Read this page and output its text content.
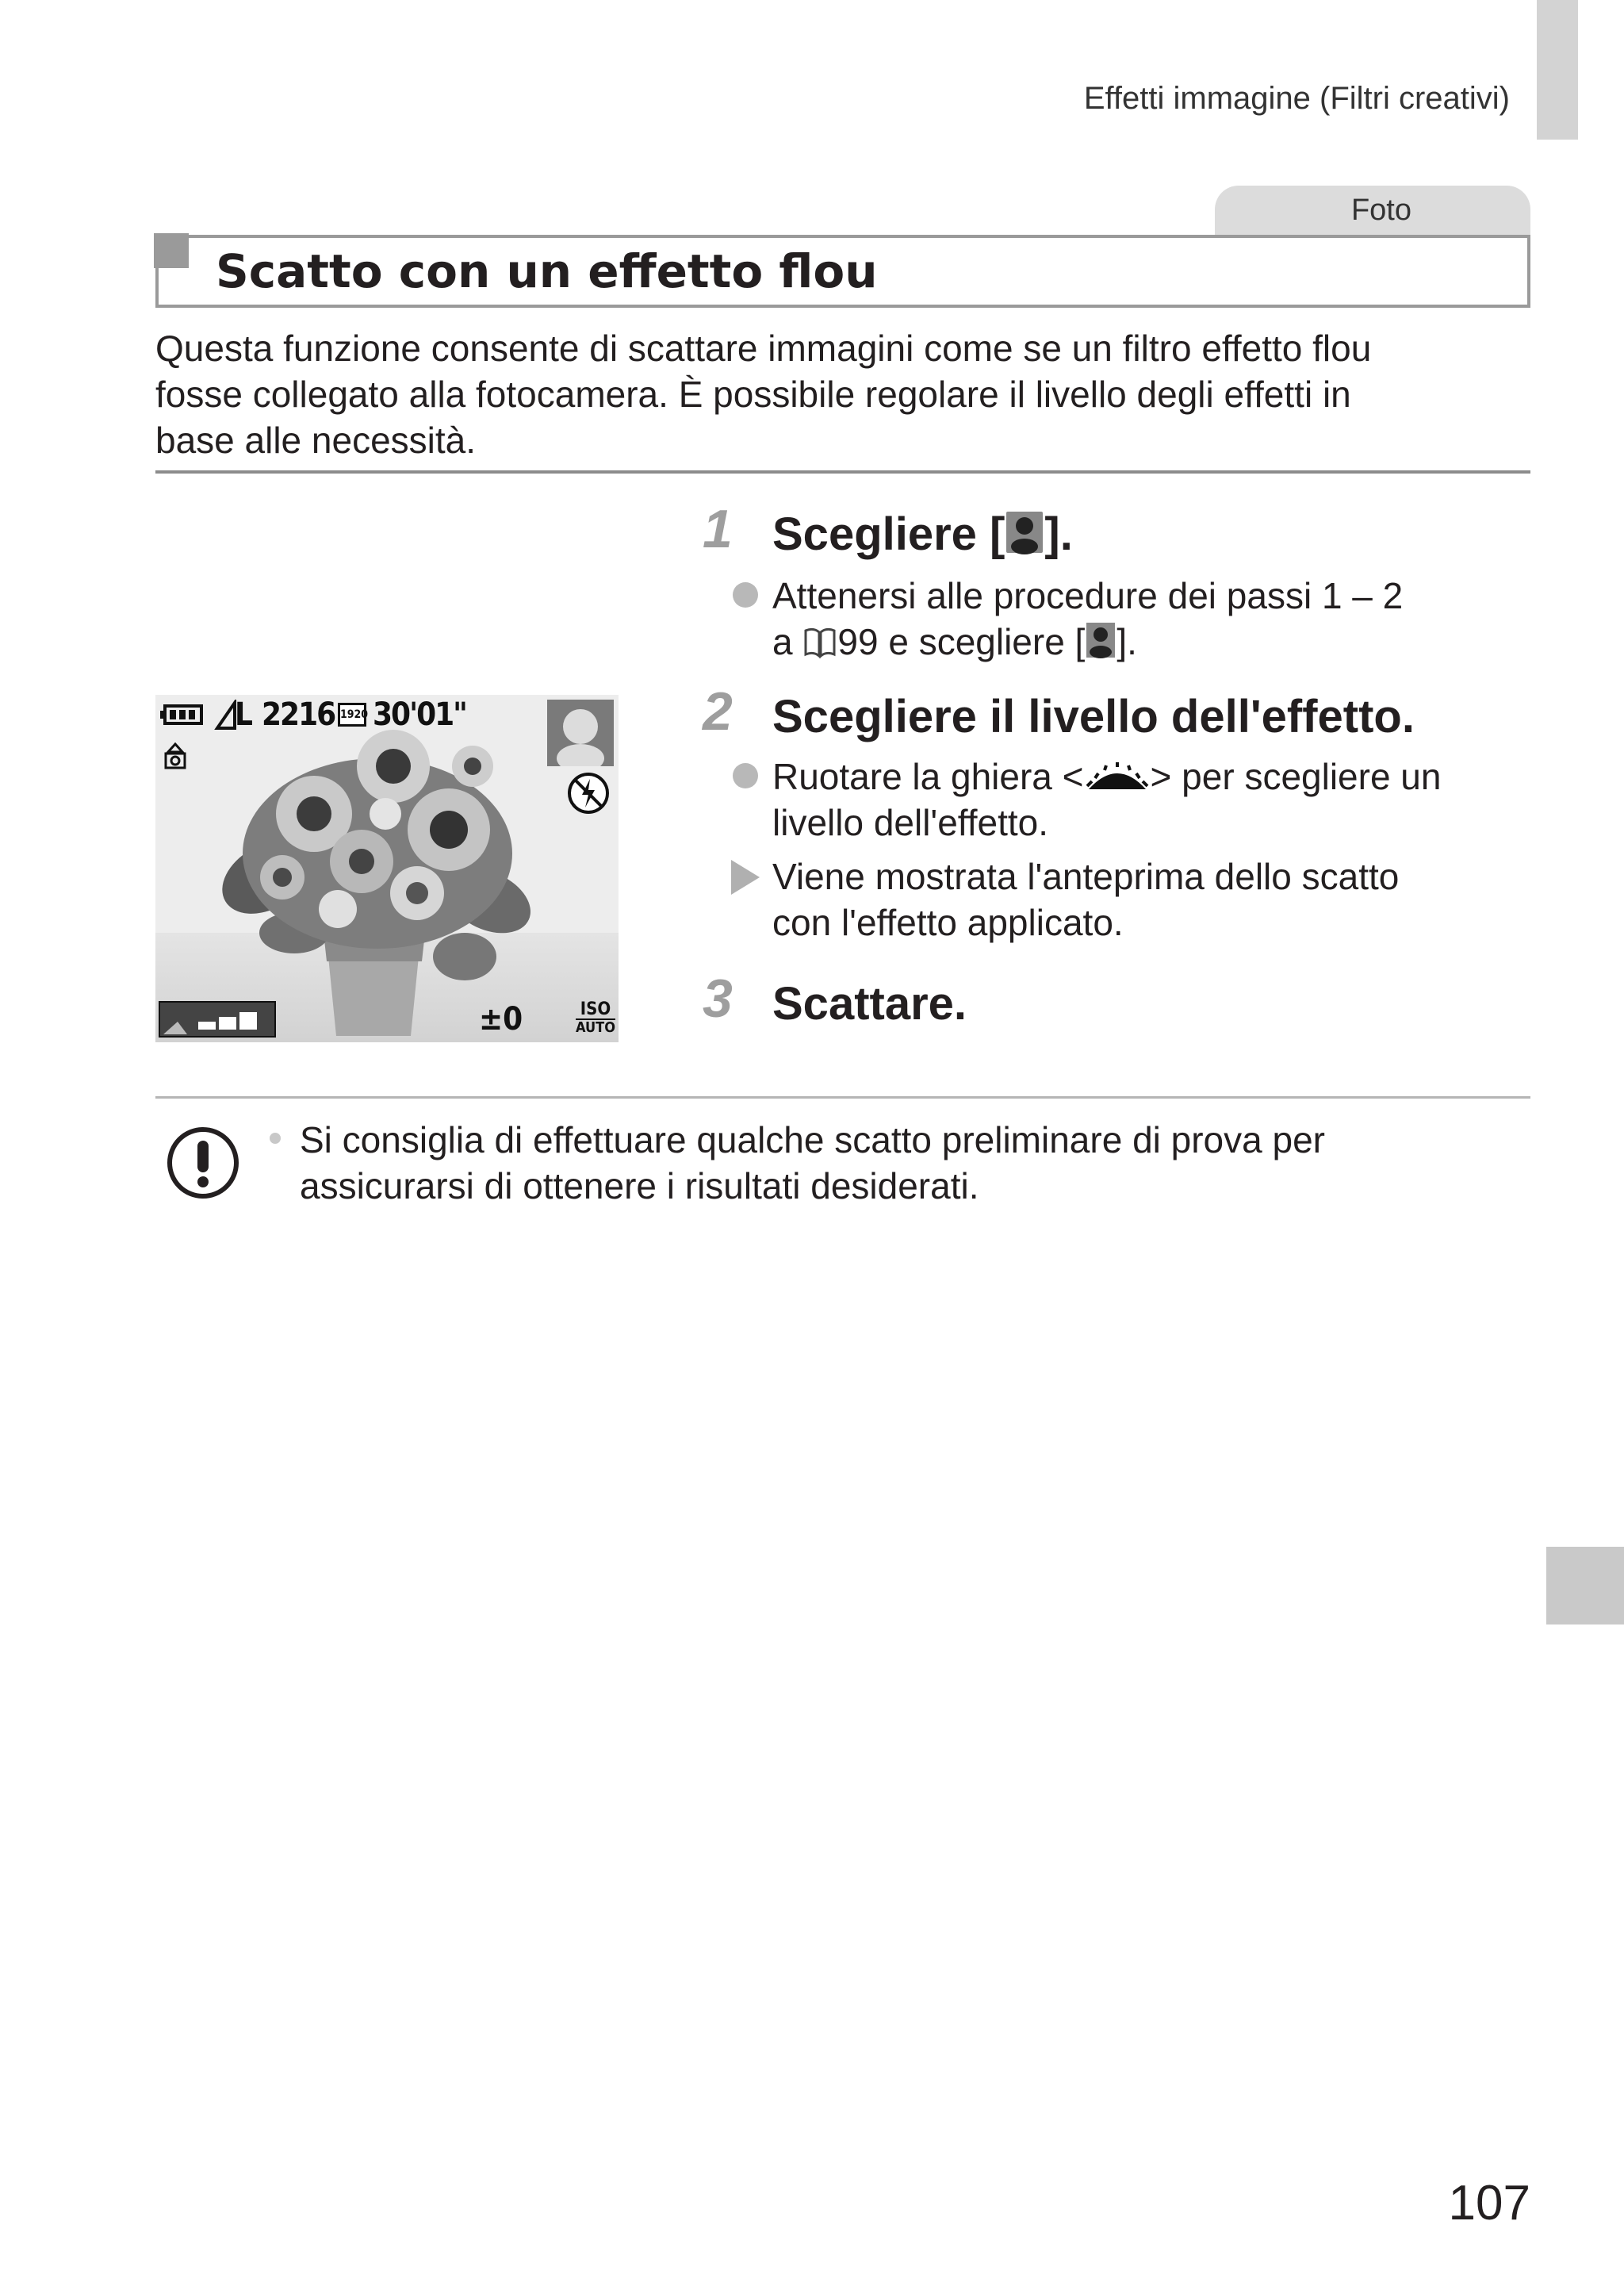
Effetti immagine (Filtri creativi)
Foto
Scatto con un effetto flou
Questa funzione consente di scattare immagini come se un filtro effetto flou
fosse collegato alla fotocamera. È possibile regolare il livello degli effetti in
base alle necessità.
L 2216 1920 30'01"
±0	ISO
AUTO
1 Scegliere [ ].
Attenersi alle procedure dei passi 1 – 2
a 99 e scegliere [ ].
2 Scegliere il livello dell'effetto.
Ruotare la ghiera < > per scegliere un
livello dell'effetto.
Viene mostrata l'anteprima dello scatto
con l'effetto applicato.
3 Scattare.
Si consiglia di effettuare qualche scatto preliminare di prova per
assicurarsi di ottenere i risultati desiderati.
107
